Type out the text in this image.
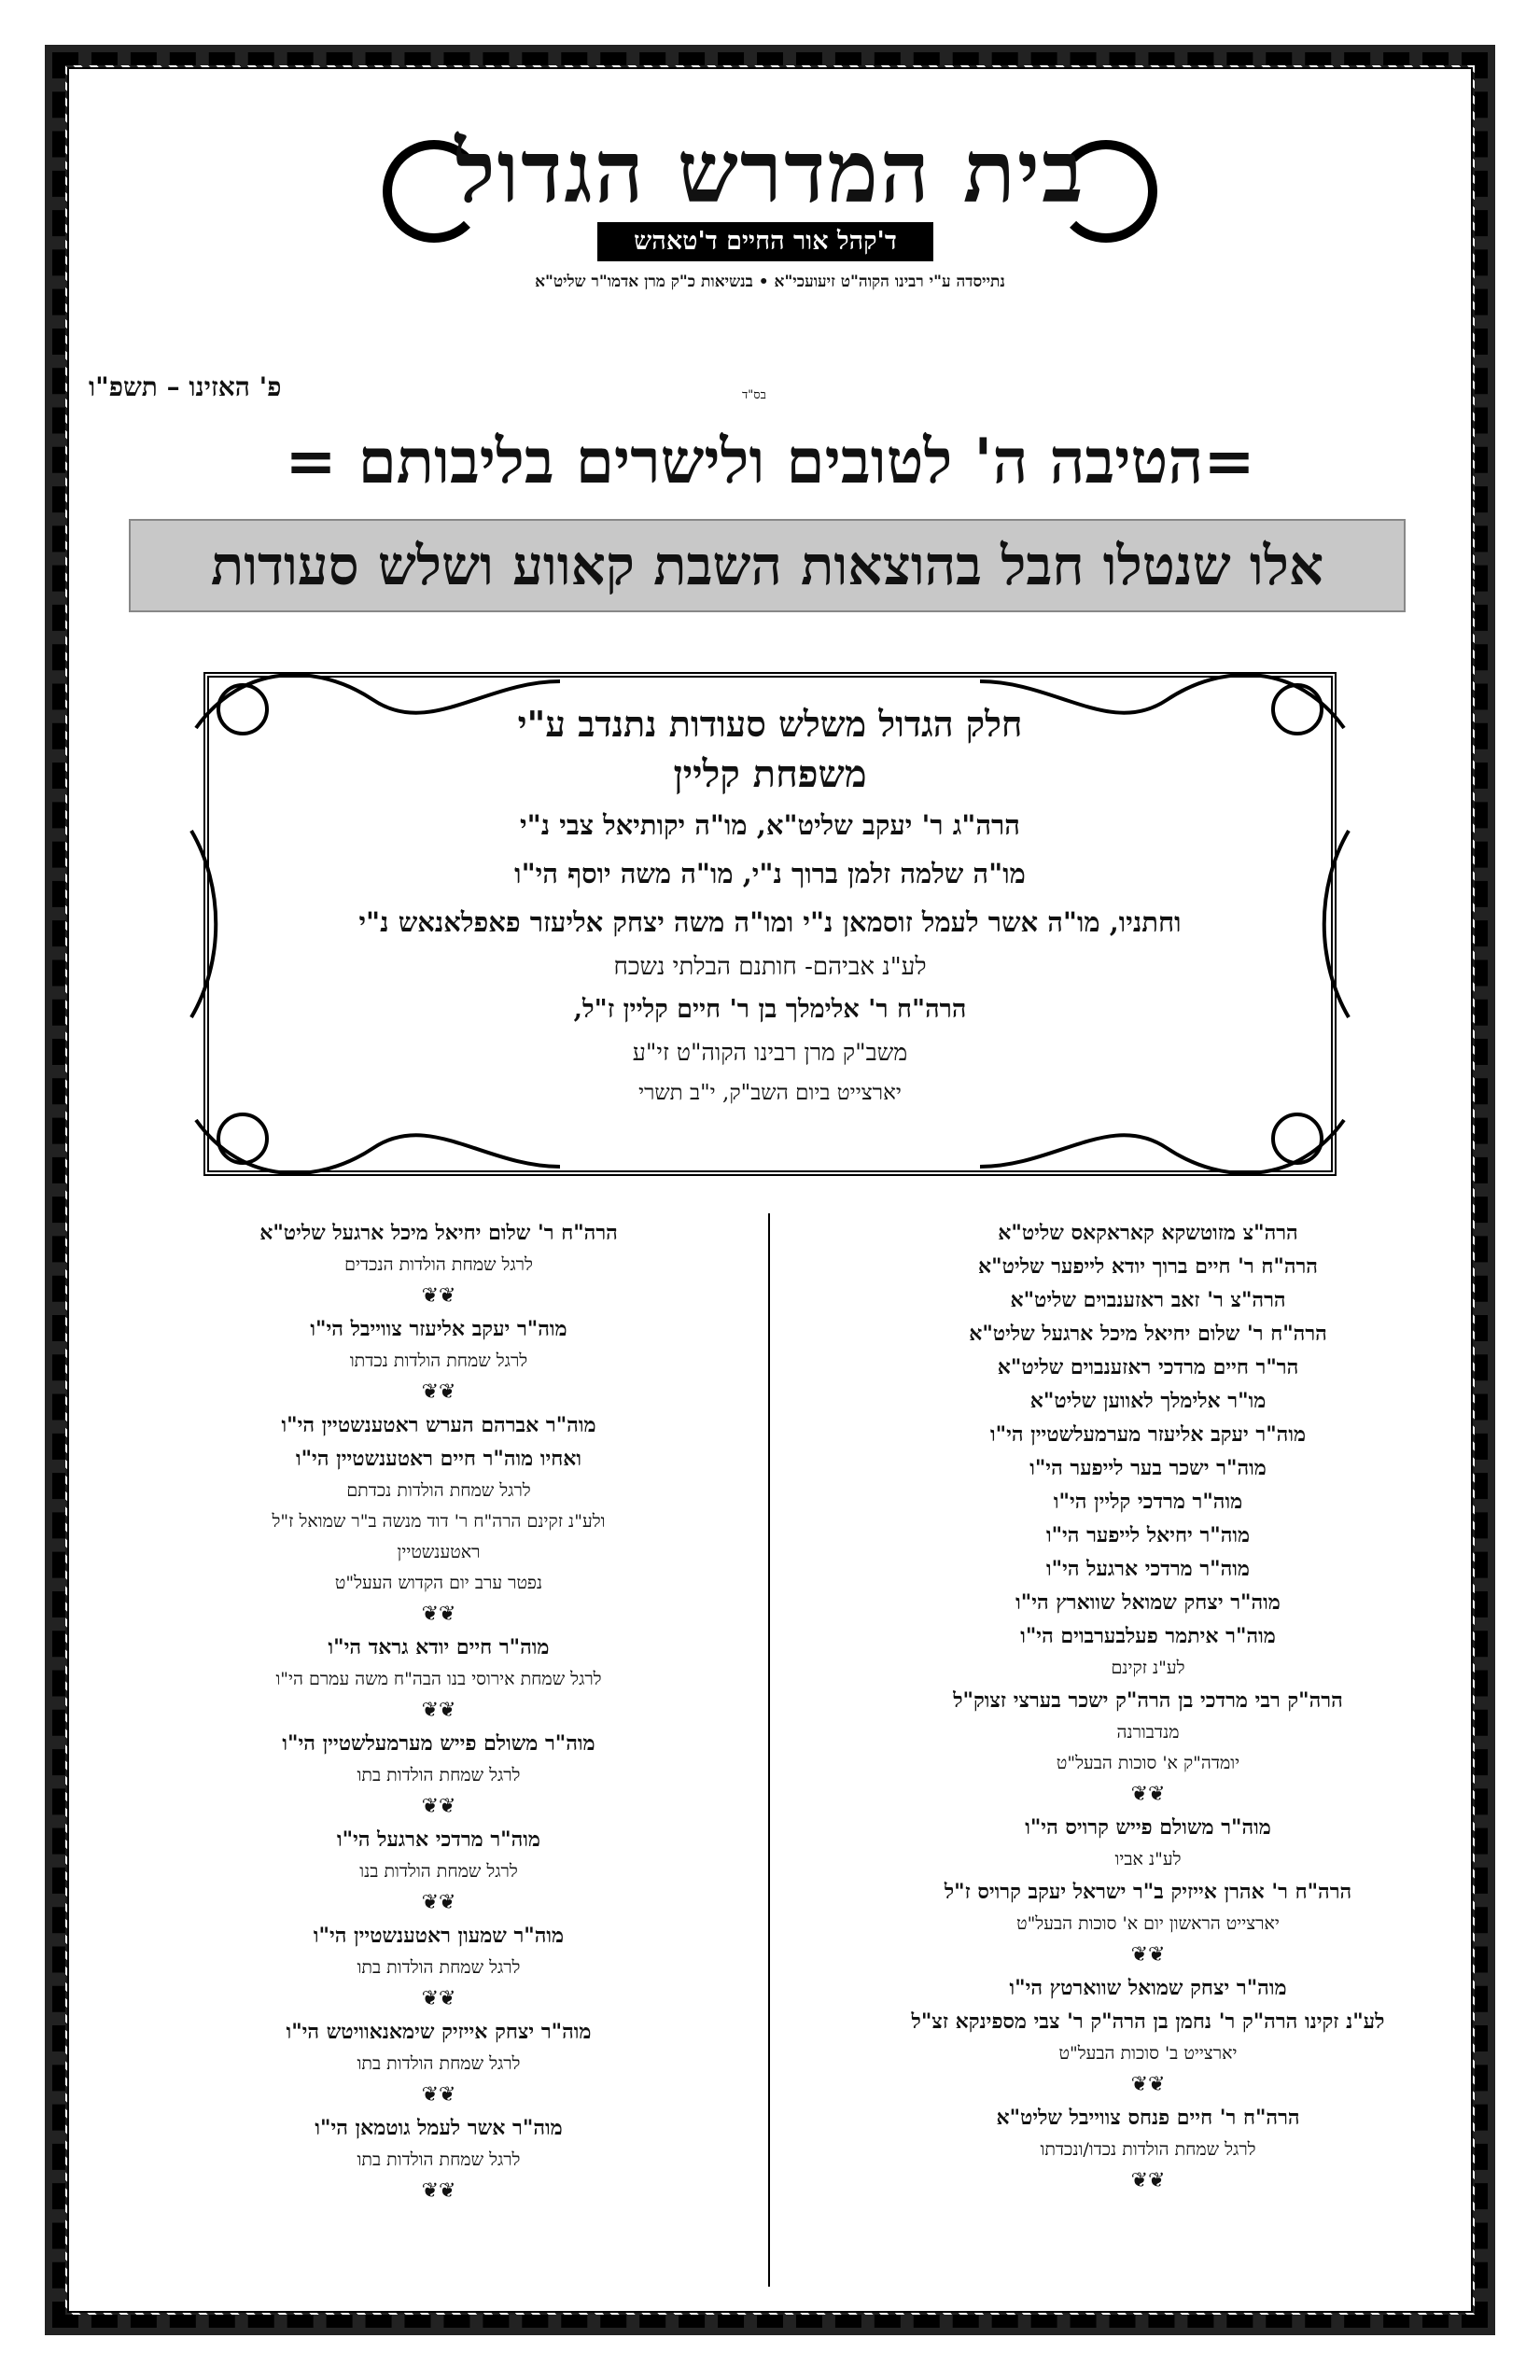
בית המדרש הגדול
ד'קהל אור החיים ד'טאהש
נתייסדה ע"י רבינו הקוה"ט זיעועכי"א • בנשיאות כ"ק מרן אדמו"ר שליט"א
פ' האזינו – תשפ"ו	בס"ד
=הטיבה ה' לטובים ולישרים בליבותם =
אלו שנטלו חבל בהוצאות השבת קאווע ושלש סעודות
חלק הגדול משלש סעודות נתנדב ע"י
משפחת קליין
הרה"ג ר' יעקב שליט"א, מו"ה יקותיאל צבי נ"י
מו"ה שלמה זלמן ברוך נ"י, מו"ה משה יוסף הי"ו
וחתניו, מו"ה אשר לעמל זוסמאן נ"י ומו"ה משה יצחק אליעזר פאפלאנאש נ"י
לע"נ אביהם- חותנם הבלתי נשכח
הרה"ח ר' אלימלך בן ר' חיים קליין ז"ל,
משב"ק מרן רבינו הקוה"ט זי"ע
יארצייט ביום השב"ק, י"ב תשרי
הרה"צ מזוטשקא קאראקאס שליט"א
הרה"ח ר' חיים ברוך יודא לייפער שליט"א
הרה"צ ר' זאב ראזענבוים שליט"א
הרה"ח ר' שלום יחיאל מיכל ארגעל שליט"א
הר"ר חיים מרדכי ראזענבוים שליט"א
מו"ר אלימלך לאווען שליט"א
מוה"ר יעקב אליעזר מערמעלשטיין הי"ו
מוה"ר ישכר בער לייפער הי"ו
מוה"ר מרדכי קליין הי"ו
מוה"ר יחיאל לייפער הי"ו
מוה"ר מרדכי ארגעל הי"ו
מוה"ר יצחק שמואל שווארץ הי"ו
מוה"ר איתמר פעלבערבוים הי"ו
לע"נ זקינם
הרה"ק רבי מרדכי בן הרה"ק ישכר בערצי זצוק"ל
מנדבורנה
יומדה"ק א' סוכות הבעל"ט
❦❦
מוה"ר משולם פייש קרויס הי"ו
לע"נ אביו
הרה"ח ר' אהרן אייזיק ב"ר ישראל יעקב קרויס ז"ל
יארצייט הראשון יום א' סוכות הבעל"ט
❦❦
מוה"ר יצחק שמואל שווארטץ הי"ו
לע"נ זקינו הרה"ק ר' נחמן בן הרה"ק ר' צבי מספינקא זצ"ל
יארצייט ב' סוכות הבעל"ט
❦❦
הרה"ח ר' חיים פנחס צווייבל שליט"א
לרגל שמחת הולדות נכדו/ונכדתו
❦❦
הרה"ח ר' שלום יחיאל מיכל ארגעל שליט"א
לרגל שמחת הולדות הנכדים
❦❦
מוה"ר יעקב אליעזר צווייבל הי"ו
לרגל שמחת הולדות נכדתו
❦❦
מוה"ר אברהם הערש ראטענשטיין הי"ו
ואחיו מוה"ר חיים ראטענשטיין הי"ו
לרגל שמחת הולדות נכדתם
ולע"נ זקינם הרה"ח ר' דוד מנשה ב"ר שמואל ז"ל
ראטענשטיין
נפטר ערב יום הקדוש העעל"ט
❦❦
מוה"ר חיים יודא גראד הי"ו
לרגל שמחת אירוסי בנו הבה"ח משה עמרם הי"ו
❦❦
מוה"ר משולם פייש מערמעלשטיין הי"ו
לרגל שמחת הולדות בתו
❦❦
מוה"ר מרדכי ארגעל הי"ו
לרגל שמחת הולדות בנו
❦❦
מוה"ר שמעון ראטענשטיין הי"ו
לרגל שמחת הולדות בתו
❦❦
מוה"ר יצחק אייזיק שימאנאוויטש הי"ו
לרגל שמחת הולדות בתו
❦❦
מוה"ר אשר לעמל גוטמאן הי"ו
לרגל שמחת הולדות בתו
❦❦
